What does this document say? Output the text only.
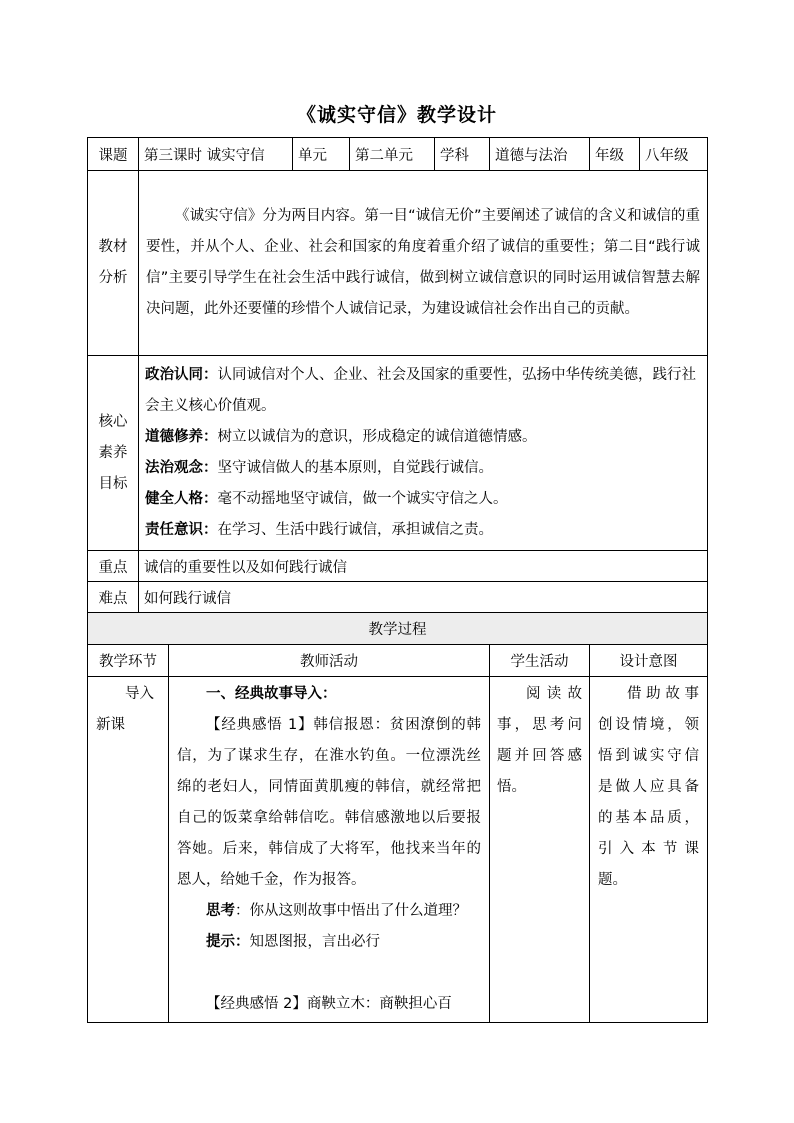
《诚实守信》教学设计
课题	第三课时 诚实守信		单元	第二单元	学科	道德与法治	年级	八年级
教材分析	《诚实守信》分为两目内容。第一目“诚信无价”主要阐述了诚信的含义和诚信的重要性，并从个人、企业、社会和国家的角度着重介绍了诚信的重要性；第二目“践行诚信”主要引导学生在社会生活中践行诚信，做到树立诚信意识的同时运用诚信智慧去解决问题，此外还要懂的珍惜个人诚信记录，为建设诚信社会作出自己的贡献。							
核心素养目标	政治认同：认同诚信对个人、企业、社会及国家的重要性，弘扬中华传统美德，践行社会主义核心价值观。

道德修养：树立以诚信为的意识，形成稳定的诚信道德情感。

法治观念：坚守诚信做人的基本原则，自觉践行诚信。

健全人格：毫不动摇地坚守诚信，做一个诚实守信之人。

责任意识：在学习、生活中践行诚信，承担诚信之责。							

重点	诚信的重要性以及如何践行诚信							
难点	如何践行诚信							
教学过程								
教学环节		教师活动				学生活动	设计意图	

导入新课		一、经典故事导入：

【经典感悟 1】韩信报恩：贫困潦倒的韩信，为了谋求生存，在淮水钓鱼。一位漂洗丝绵的老妇人，同情面黄肌瘦的韩信，就经常把自己的饭菜拿给韩信吃。韩信感激地以后要报答她。后来，韩信成了大将军，他找来当年的恩人，给她千金，作为报答。

思考：你从这则故事中悟出了什么道理？

提示：知恩图报，言出必行

【经典感悟 2】商鞅立木：商鞅担心百				阅读故事，思考问题并回答感悟。	借助故事创设情境，领悟到诚实守信是做人应具备的基本品质，引入本节课题。	
